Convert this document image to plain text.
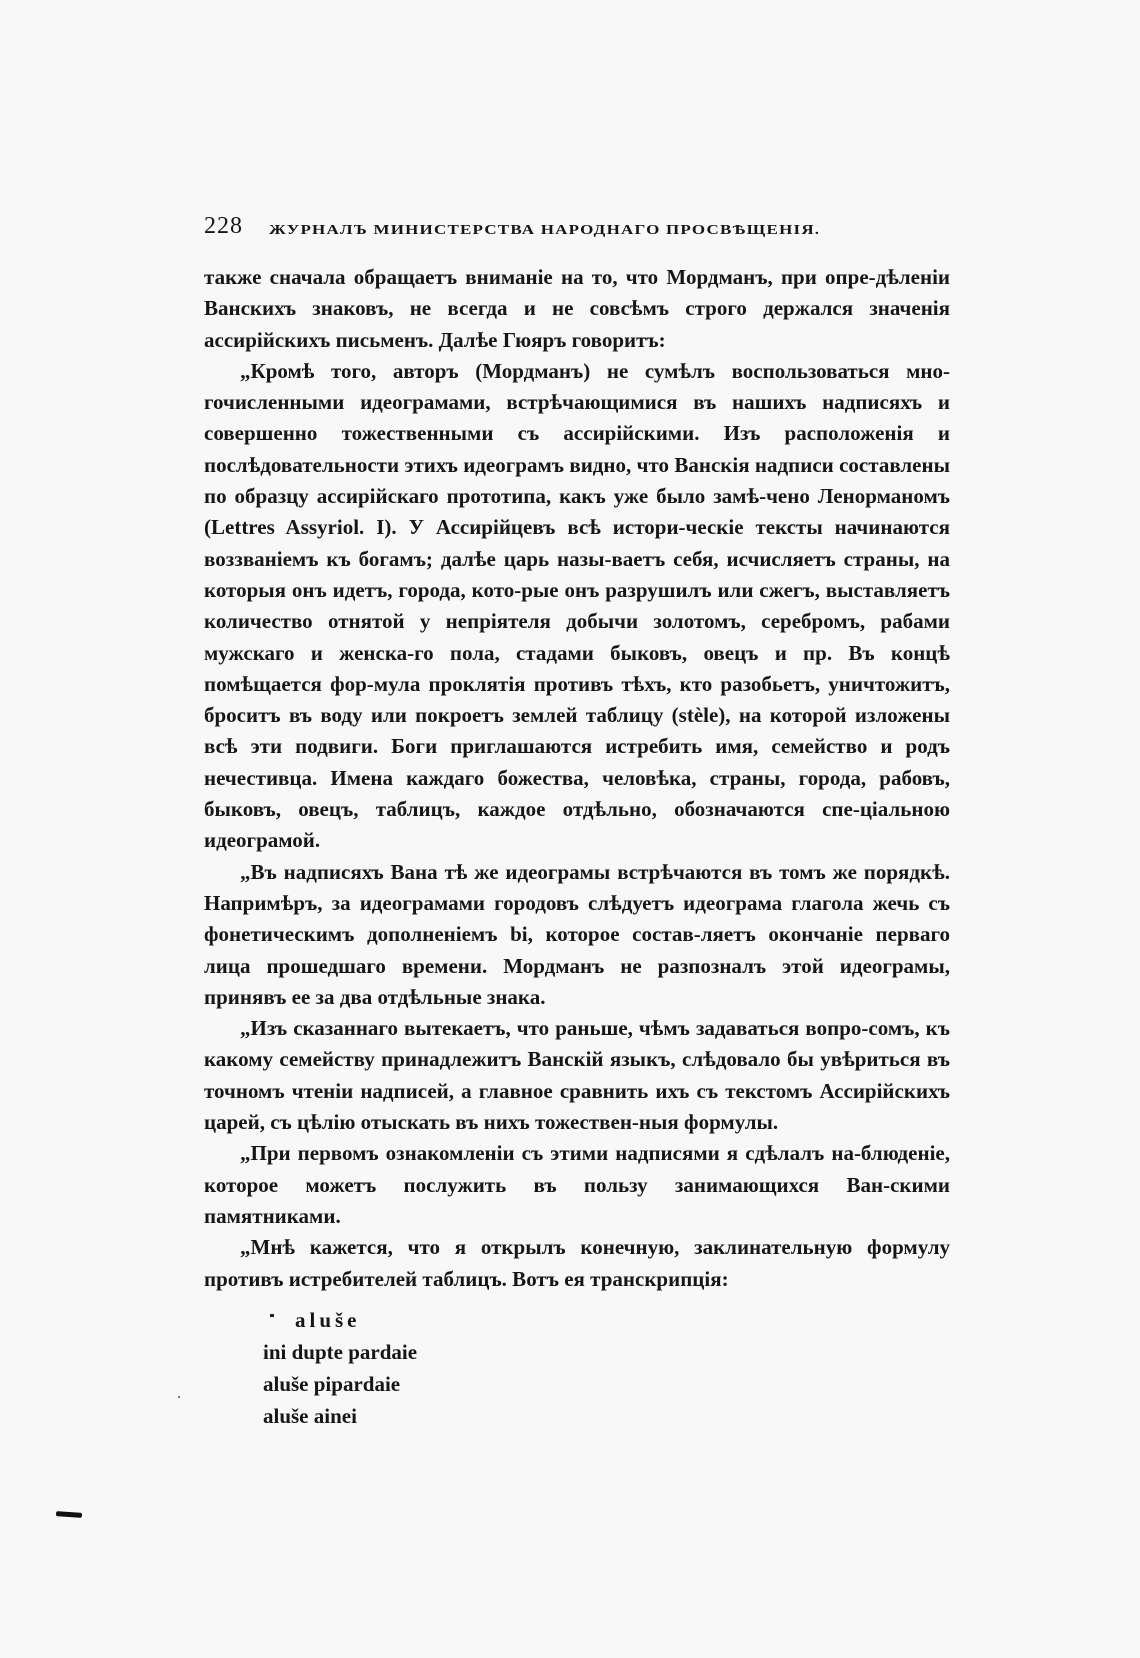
228 ЖУРНАЛЪ МИНИСТЕРСТВА НАРОДНАГО ПРОСВѢЩЕНІЯ.

также сначала обращаетъ вниманіе на то, что Мордманъ, при опре-дѣленіи Ванскихъ знаковъ, не всегда и не совсѣмъ строго держался значенія ассирійскихъ письменъ. Далѣе Гюяръ говоритъ:

„Кромѣ того, авторъ (Мордманъ) не сумѣлъ воспользоваться мно-гочисленными идеограмами, встрѣчающимися въ нашихъ надписяхъ и совершенно тожественными съ ассирійскими. Изъ расположенія и послѣдовательности этихъ идеограмъ видно, что Ванскія надписи составлены по образцу ассирійскаго прототипа, какъ уже было замѣ-чено Ленорманомъ (Lettres Assyriol. I). У Ассирійцевъ всѣ истори-ческіе тексты начинаются воззваніемъ къ богамъ; далѣе царь назы-ваетъ себя, исчисляетъ страны, на которыя онъ идетъ, города, кото-рые онъ разрушилъ или сжегъ, выставляетъ количество отнятой у непріятеля добычи золотомъ, серебромъ, рабами мужскаго и женска-го пола, стадами быковъ, овецъ и пр. Въ концѣ помѣщается фор-мула проклятія противъ тѣхъ, кто разобьетъ, уничтожитъ, броситъ въ воду или покроетъ землей таблицу (stèle), на которой изложены всѣ эти подвиги. Боги приглашаются истребить имя, семейство и родъ нечестивца. Имена каждаго божества, человѣка, страны, города, рабовъ, быковъ, овецъ, таблицъ, каждое отдѣльно, обозначаются спе-ціальною идеограмой.

„Въ надписяхъ Вана тѣ же идеограмы встрѣчаются въ томъ же порядкѣ. Напримѣръ, за идеограмами городовъ слѣдуетъ идеограма глагола жечь съ фонетическимъ дополненіемъ bi, которое состав-ляетъ окончаніе перваго лица прошедшаго времени. Мордманъ не разпозналъ этой идеограмы, принявъ ее за два отдѣльные знака.

„Изъ сказаннаго вытекаетъ, что раньше, чѣмъ задаваться вопро-сомъ, къ какому семейству принадлежитъ Ванскій языкъ, слѣдовало бы увѣриться въ точномъ чтеніи надписей, а главное сравнить ихъ съ текстомъ Ассирійскихъ царей, съ цѣлію отыскать въ нихъ тожествен-ныя формулы.

„При первомъ ознакомленіи съ этими надписями я сдѣлалъ на-блюденіе, которое можетъ послужить въ пользу занимающихся Ван-скими памятниками.

„Мнѣ кажется, что я открылъ конечную, заклинательную формулу противъ истребителей таблицъ. Вотъ ея транскрипція:

aluše
ini dupte pardaie
aluše pipardaie
aluše ainei
